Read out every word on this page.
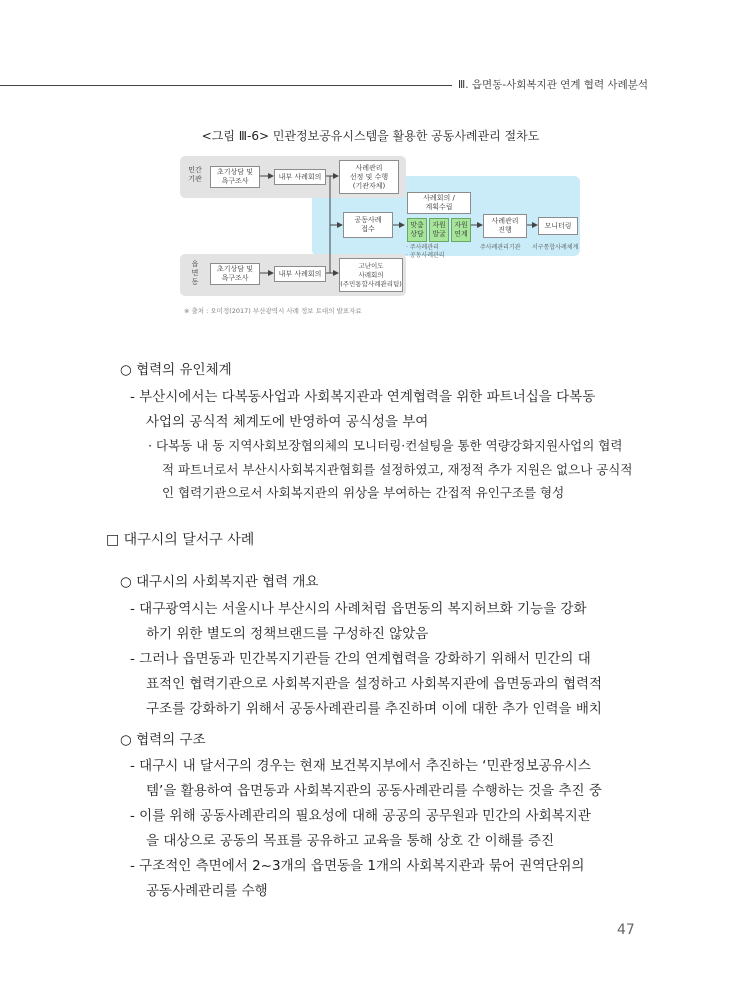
Ⅲ. 읍면동-사회복지관 연계 협력 사례분석
<그림 Ⅲ-6> 민관정보공유시스템을 활용한 공동사례관리 절차도
민간
기관
읍
면
동
초기상담 및
욕구조사
내부 사례회의
사례관리
선정 및 수행
(기관자체)
공동사례
접수
사례회의 /
계획수립
맞춤
상담
자원
발굴
자원
연계
사례관리
진행
모니터링
· 주사례관리
· 공동사례관리
주사례관리기관 서구통합사례체계
초기상담 및
욕구조사
내부 사례회의
고난이도
사례회의
(주민통합사례관리팀)
※ 출처 : 오미정(2017) 부산광역시 사례 정보 토대의 발표자료
○ 협력의 유인체계
- 부산시에서는 다복동사업과 사회복지관과 연계협력을 위한 파트너십을 다복동
사업의 공식적 체계도에 반영하여 공식성을 부여
· 다복동 내 동 지역사회보장협의체의 모니터링·컨설팅을 통한 역량강화지원사업의 협력
적 파트너로서 부산시사회복지관협회를 설정하였고, 재정적 추가 지원은 없으나 공식적
인 협력기관으로서 사회복지관의 위상을 부여하는 간접적 유인구조를 형성
□ 대구시의 달서구 사례
○ 대구시의 사회복지관 협력 개요
- 대구광역시는 서울시나 부산시의 사례처럼 읍면동의 복지허브화 기능을 강화
하기 위한 별도의 정책브랜드를 구성하진 않았음
- 그러나 읍면동과 민간복지기관들 간의 연계협력을 강화하기 위해서 민간의 대
표적인 협력기관으로 사회복지관을 설정하고 사회복지관에 읍면동과의 협력적
구조를 강화하기 위해서 공동사례관리를 추진하며 이에 대한 추가 인력을 배치
○ 협력의 구조
- 대구시 내 달서구의 경우는 현재 보건복지부에서 추진하는 ‘민관정보공유시스
템’을 활용하여 읍면동과 사회복지관의 공동사례관리를 수행하는 것을 추진 중
- 이를 위해 공동사례관리의 필요성에 대해 공공의 공무원과 민간의 사회복지관
을 대상으로 공동의 목표를 공유하고 교육을 통해 상호 간 이해를 증진
- 구조적인 측면에서 2~3개의 읍면동을 1개의 사회복지관과 묶어 권역단위의
공동사례관리를 수행
47
